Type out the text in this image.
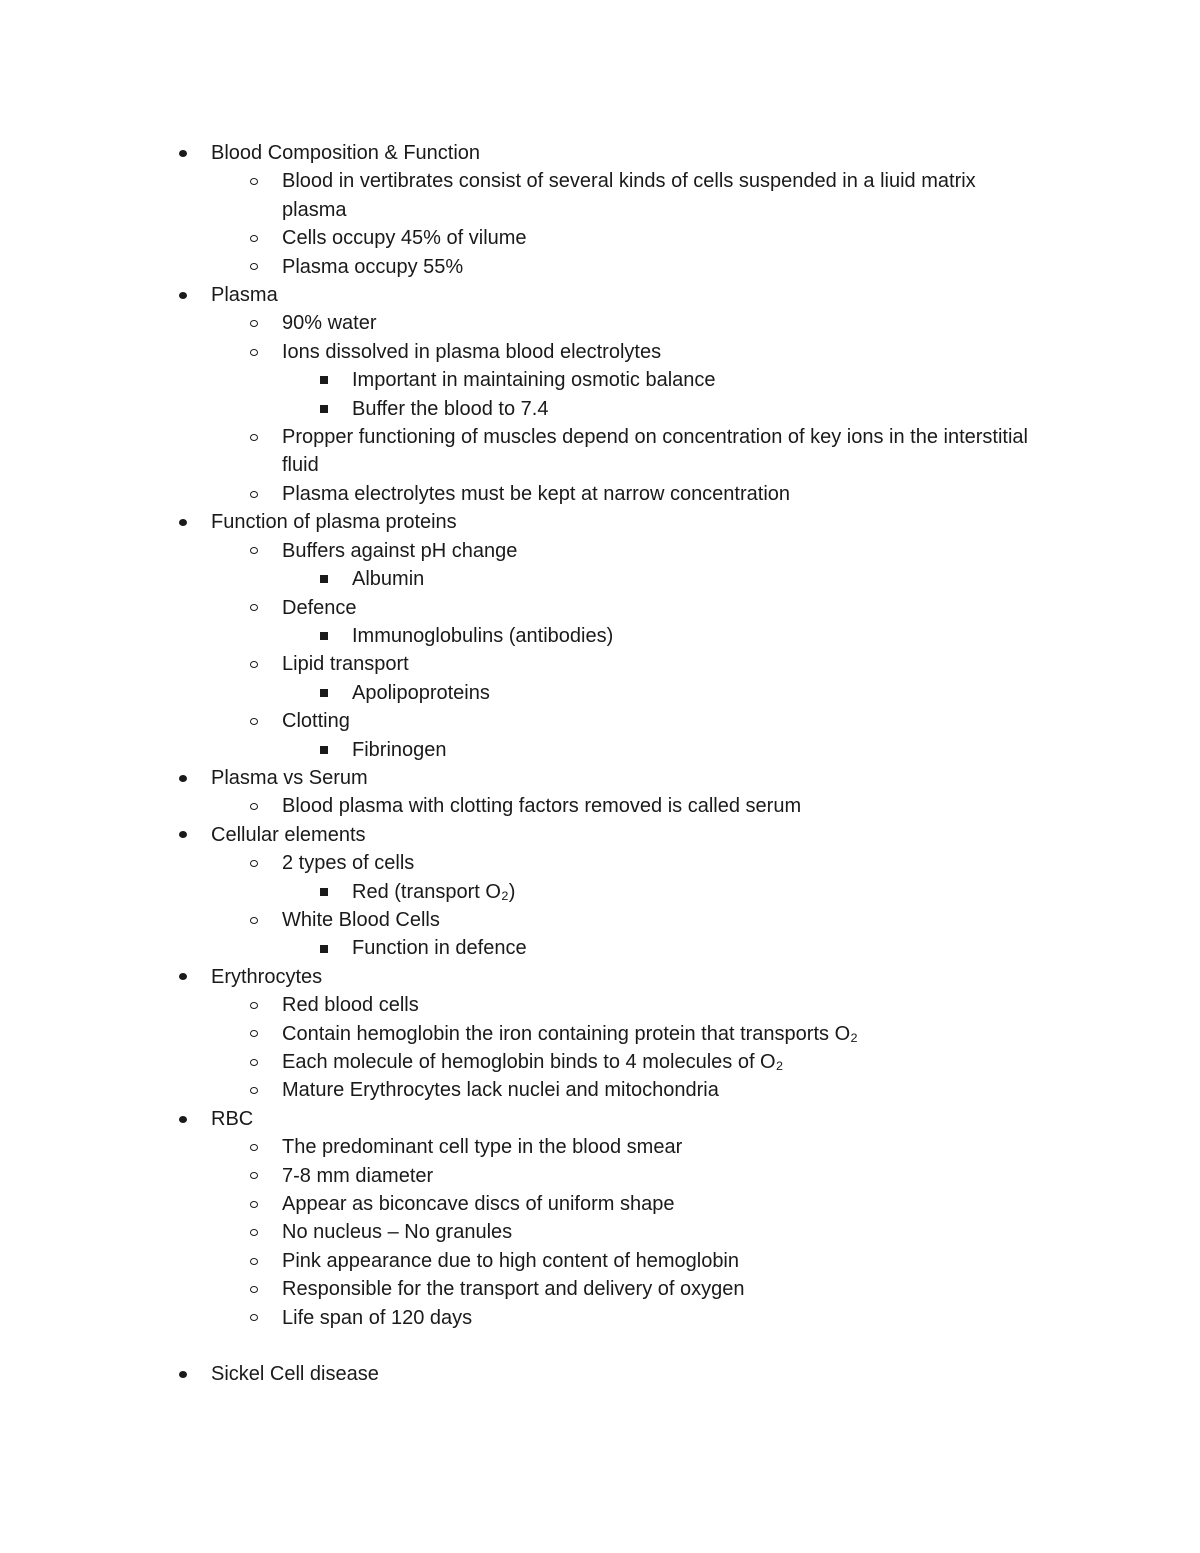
Blood Composition & Function
Blood in vertibrates consist of several kinds of cells suspended in a liuid matrix plasma
Cells occupy 45% of vilume
Plasma occupy 55%
Plasma
90% water
Ions dissolved in plasma blood electrolytes
Important in maintaining osmotic balance
Buffer the blood to 7.4
Propper functioning of muscles depend on concentration of key ions in the interstitial fluid
Plasma electrolytes must be kept at narrow concentration
Function of plasma proteins
Buffers against pH change
Albumin
Defence
Immunoglobulins (antibodies)
Lipid transport
Apolipoproteins
Clotting
Fibrinogen
Plasma vs Serum
Blood plasma with clotting factors removed is called serum
Cellular elements
2 types of cells
Red (transport O₂)
White Blood Cells
Function in defence
Erythrocytes
Red blood cells
Contain hemoglobin the iron containing protein that transports O₂
Each molecule of hemoglobin binds to 4 molecules of O₂
Mature Erythrocytes lack nuclei and mitochondria
RBC
The predominant cell type in the blood smear
7-8 mm diameter
Appear as biconcave discs of uniform shape
No nucleus – No granules
Pink appearance due to high content of hemoglobin
Responsible for the transport and delivery of oxygen
Life span of 120 days
Sickel Cell disease
